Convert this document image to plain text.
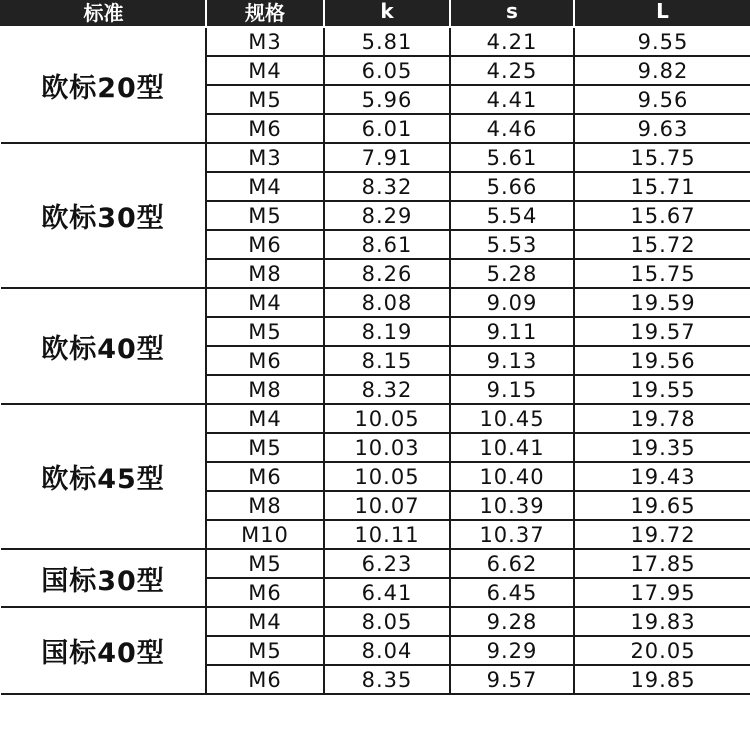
标准	规格	k	s	L
欧标20型	M3	5.81	4.21	9.55
	M4	6.05	4.25	9.82
	M5	5.96	4.41	9.56
	M6	6.01	4.46	9.63
欧标30型	M3	7.91	5.61	15.75
	M4	8.32	5.66	15.71
	M5	8.29	5.54	15.67
	M6	8.61	5.53	15.72
	M8	8.26	5.28	15.75
欧标40型	M4	8.08	9.09	19.59
	M5	8.19	9.11	19.57
	M6	8.15	9.13	19.56
	M8	8.32	9.15	19.55
欧标45型	M4	10.05	10.45	19.78
	M5	10.03	10.41	19.35
	M6	10.05	10.40	19.43
	M8	10.07	10.39	19.65
	M10	10.11	10.37	19.72
国标30型	M5	6.23	6.62	17.85
	M6	6.41	6.45	17.95
国标40型	M4	8.05	9.28	19.83
	M5	8.04	9.29	20.05
	M6	8.35	9.57	19.85
